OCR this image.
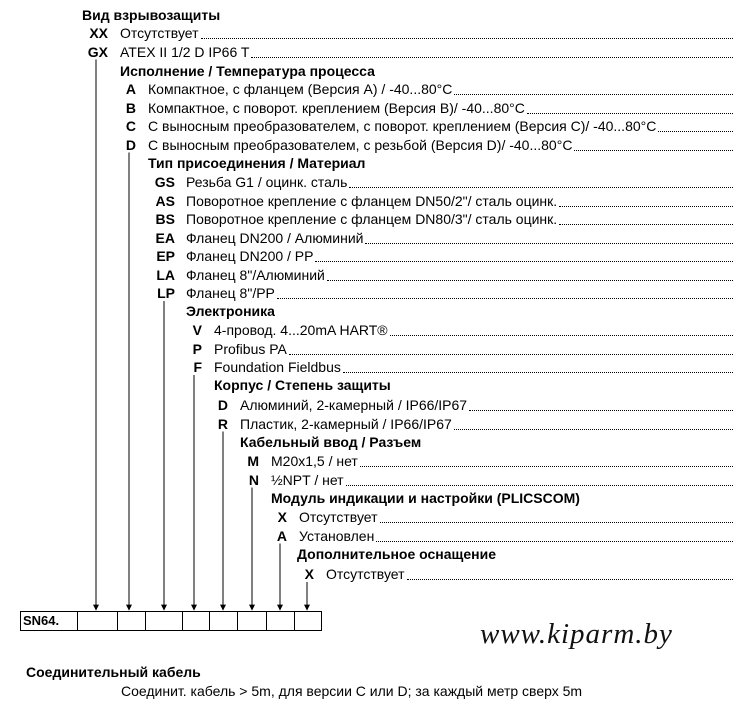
Вид взрывозащиты
XX Отсутствует
GX ATEX II 1/2 D IP66 T
Исполнение / Температура процесса
A Компактное, с фланцем (Версия A) / -40...80°C
B Компактное, с поворот. креплением (Версия B)/ -40...80°C
C С выносным преобразователем, с поворот. креплением (Версия C)/ -40...80°C
D С выносным преобразователем, с резьбой (Версия D)/ -40...80°C
Тип присоединения / Материал
GS Резьба G1 / оцинк. сталь
AS Поворотное крепление с фланцем DN50/2"/ сталь оцинк.
BS Поворотное крепление с фланцем DN80/3"/ сталь оцинк.
EA Фланец DN200 / Алюминий
EP Фланец DN200 / PP
LA Фланец 8"/Алюминий
LP Фланец 8"/PP
Электроника
V 4-провод. 4...20mA HART®
P Profibus PA
F Foundation Fieldbus
Корпус / Степень защиты
D Алюминий, 2-камерный / IP66/IP67
R Пластик, 2-камерный / IP66/IP67
Кабельный ввод / Разъем
M M20x1,5 / нет
N ½NPT / нет
Модуль индикации и настройки (PLICSCOM)
X Отсутствует
A Установлен
Дополнительное оснащение
X Отсутствует
SN64.	www.kiparm.by
Соединительный кабель
Соединит. кабель > 5m, для версии C или D; за каждый метр сверх 5m
